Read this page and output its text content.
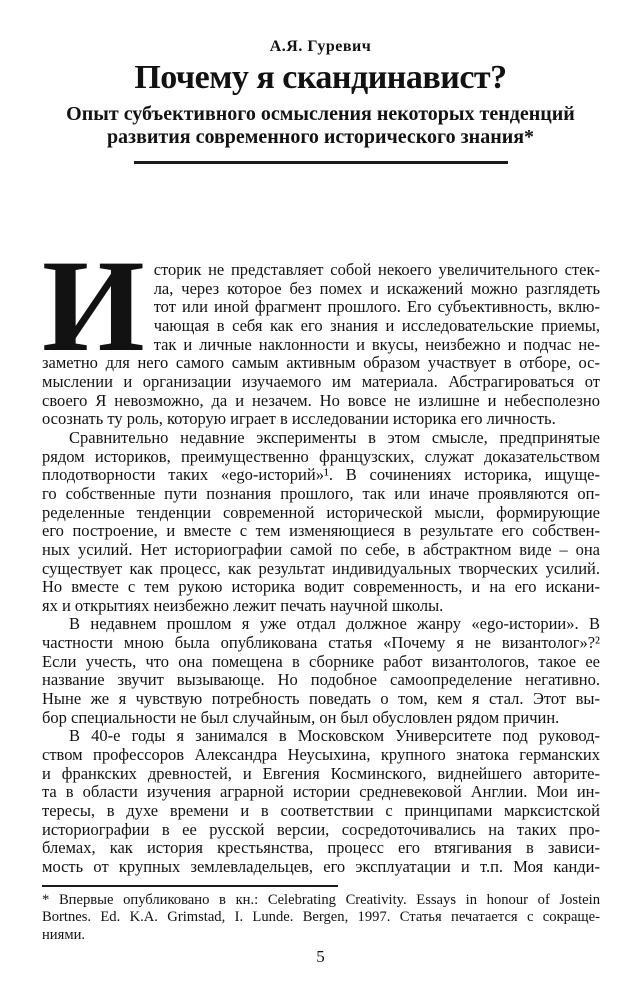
А.Я. Гуревич
Почему я скандинавист?
Опыт субъективного осмысления некоторых тенденций
развития современного исторического знания*

И сторик не представляет собой некоего увеличительного стек-
ла, через которое без помех и искажений можно разглядеть
тот или иной фрагмент прошлого. Его субъективность, вклю-
чающая в себя как его знания и исследовательские приемы,
так и личные наклонности и вкусы, неизбежно и подчас не-
заметно для него самого самым активным образом участвует в отборе, ос-
мыслении и организации изучаемого им материала. Абстрагироваться от
своего Я невозможно, да и незачем. Но вовсе не излишне и небесполезно
осознать ту роль, которую играет в исследовании историка его личность.

Сравнительно недавние эксперименты в этом смысле, предпринятые
рядом историков, преимущественно французских, служат доказательством
плодотворности таких «ego-историй»¹. В сочинениях историка, ищуще-
го собственные пути познания прошлого, так или иначе проявляются оп-
ределенные тенденции современной исторической мысли, формирующие
его построение, и вместе с тем изменяющиеся в результате его собствен-
ных усилий. Нет историографии самой по себе, в абстрактном виде – она
существует как процесс, как результат индивидуальных творческих усилий.
Но вместе с тем рукою историка водит современность, и на его искани-
ях и открытиях неизбежно лежит печать научной школы.

В недавнем прошлом я уже отдал должное жанру «ego-истории». В
частности мною была опубликована статья «Почему я не византолог»?²
Если учесть, что она помещена в сборнике работ византологов, такое ее
название звучит вызывающе. Но подобное самоопределение негативно.
Ныне же я чувствую потребность поведать о том, кем я стал. Этот вы-
бор специальности не был случайным, он был обусловлен рядом причин.

В 40-е годы я занимался в Московском Университете под руковод-
ством профессоров Александра Неусыхина, крупного знатока германских
и франкских древностей, и Евгения Косминского, виднейшего авторите-
та в области изучения аграрной истории средневековой Англии. Мои ин-
тересы, в духе времени и в соответствии с принципами марксистской
историографии в ее русской версии, сосредоточивались на таких про-
блемах, как история крестьянства, процесс его втягивания в зависи-
мость от крупных землевладельцев, его эксплуатации и т.п. Моя канди-

* Впервые опубликовано в кн.: Celebrating Creativity. Essays in honour of Jostein
Bortnes. Ed. K.A. Grimstad, I. Lunde. Bergen, 1997. Статья печатается с сокраще-
ниями.
5
